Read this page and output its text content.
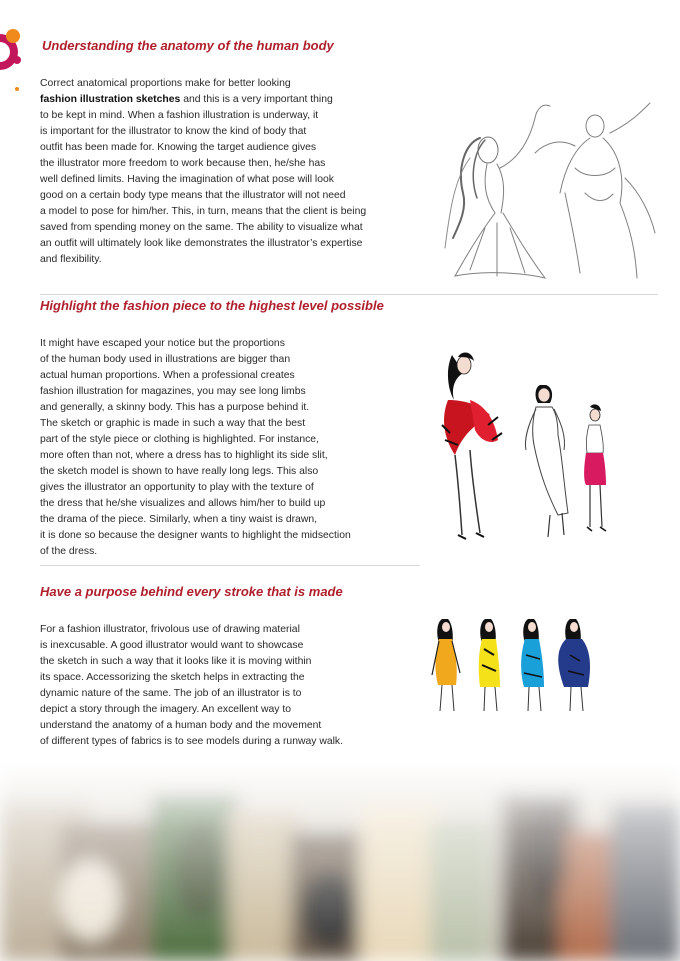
Understanding the anatomy of the human body
Correct anatomical proportions make for better looking
fashion illustration sketches and this is a very important thing
to be kept in mind. When a fashion illustration is underway, it
is important for the illustrator to know the kind of body that
outfit has been made for. Knowing the target audience gives
the illustrator more freedom to work because then, he/she has
well defined limits. Having the imagination of what pose will look
good on a certain body type means that the illustrator will not need
a model to pose for him/her. This, in turn, means that the client is being
saved from spending money on the same. The ability to visualize what
an outfit will ultimately look like demonstrates the illustrator’s expertise
and flexibility.
Highlight the fashion piece to the highest level possible
It might have escaped your notice but the proportions
of the human body used in illustrations are bigger than
actual human proportions. When a professional creates
fashion illustration for magazines, you may see long limbs
and generally, a skinny body. This has a purpose behind it.
The sketch or graphic is made in such a way that the best
part of the style piece or clothing is highlighted. For instance,
more often than not, where a dress has to highlight its side slit,
the sketch model is shown to have really long legs. This also
gives the illustrator an opportunity to play with the texture of
the dress that he/she visualizes and allows him/her to build up
the drama of the piece. Similarly, when a tiny waist is drawn,
it is done so because the designer wants to highlight the midsection
of the dress.
Have a purpose behind every stroke that is made
For a fashion illustrator, frivolous use of drawing material
is inexcusable. A good illustrator would want to showcase
the sketch in such a way that it looks like it is moving within
its space. Accessorizing the sketch helps in extracting the
dynamic nature of the same. The job of an illustrator is to
depict a story through the imagery. An excellent way to
understand the anatomy of a human body and the movement
of different types of fabrics is to see models during a runway walk.
